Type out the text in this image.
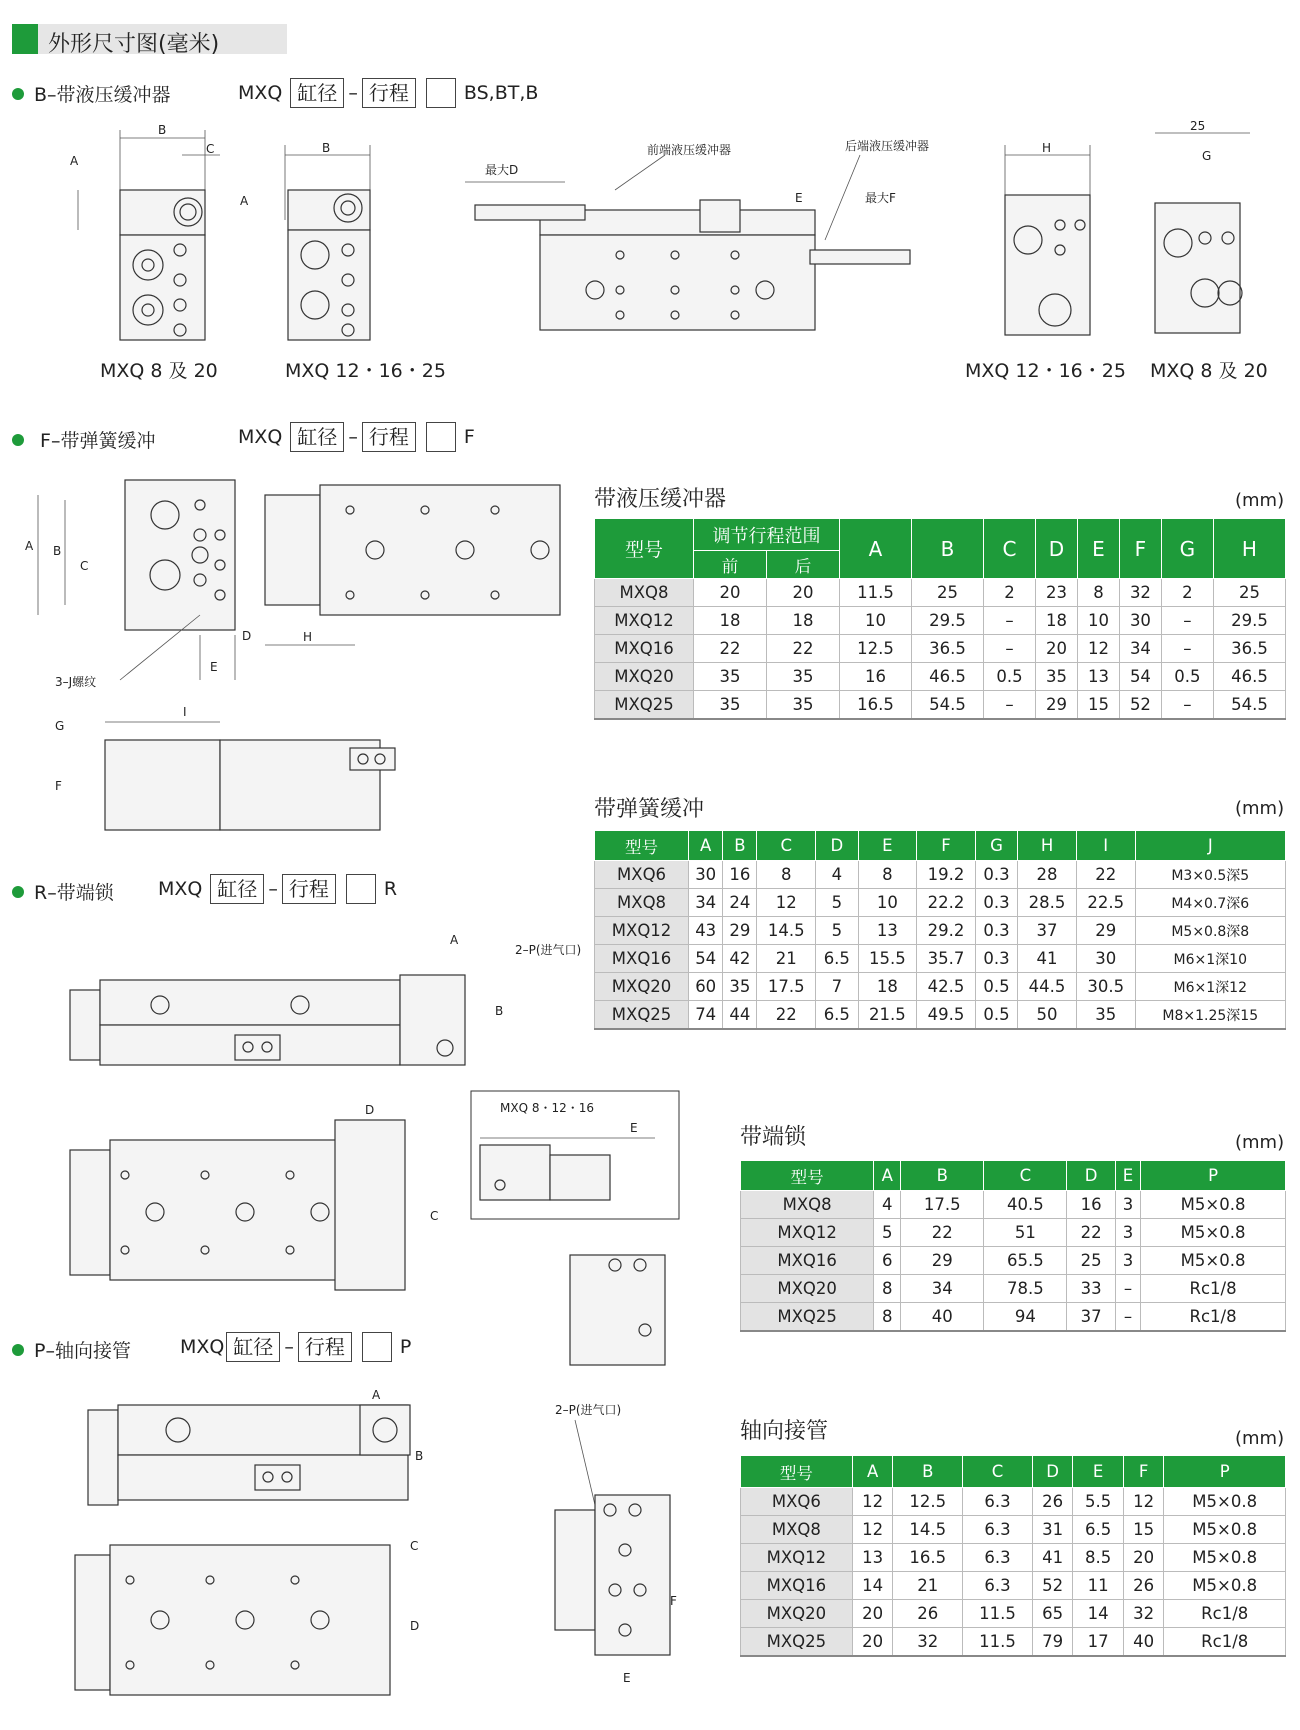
外形尺寸图(毫米)
B–带液压缓冲器	MXQ
缸径 – 行程	BS,BT,B
B
C
A
B
A
MXQ 8 及 20	MXQ 12・16・25
最大D
前端液压缓冲器	后端液压缓冲器
E	最大F
H
25
G
MXQ 12・16・25 MXQ 8 及 20

F–带弹簧缓冲	MXQ
缸径 – 行程	F
A B
C
D
E
3–J螺纹
H
G
F
I
R–带端锁 MXQ
缸径 – 行程	R
A
2–P(进气口)
B
D
C
MXQ 8・12・16
E
P–轴向接管	MXQ 缸径 – 行程	P
A
B
C
D
2–P(进气口)
F
E
带液压缓冲器	(mm)
型号	调节行程范围		A	B	C	D	E	F	G	H
	前	后								
MXQ8	20	20	11.5	25	2	23	8	32	2	25
MXQ12	18	18	10	29.5	–	18	10	30	–	29.5
MXQ16	22	22	12.5	36.5	–	20	12	34	–	36.5
MXQ20	35	35	16	46.5	0.5	35	13	54	0.5	46.5
MXQ25	35	35	16.5	54.5	–	29	15	52	–	54.5
带弹簧缓冲	(mm)
型号	A	B	C	D	E	F	G	H	I	J
MXQ6	30	16	8	4	8	19.2	0.3	28	22	M3×0.5深5
MXQ8	34	24	12	5	10	22.2	0.3	28.5	22.5	M4×0.7深6
MXQ12	43	29	14.5	5	13	29.2	0.3	37	29	M5×0.8深8
MXQ16	54	42	21	6.5	15.5	35.7	0.3	41	30	M6×1深10
MXQ20	60	35	17.5	7	18	42.5	0.5	44.5	30.5	M6×1深12
MXQ25	74	44	22	6.5	21.5	49.5	0.5	50	35	M8×1.25深15
带端锁	(mm)
型号	A	B	C	D	E	P
MXQ8	4	17.5	40.5	16	3	M5×0.8
MXQ12	5	22	51	22	3	M5×0.8
MXQ16	6	29	65.5	25	3	M5×0.8
MXQ20	8	34	78.5	33	–	Rc1/8
MXQ25	8	40	94	37	–	Rc1/8
轴向接管	(mm)
型号	A	B	C	D	E	F	P
MXQ6	12	12.5	6.3	26	5.5	12	M5×0.8
MXQ8	12	14.5	6.3	31	6.5	15	M5×0.8
MXQ12	13	16.5	6.3	41	8.5	20	M5×0.8
MXQ16	14	21	6.3	52	11	26	M5×0.8
MXQ20	20	26	11.5	65	14	32	Rc1/8
MXQ25	20	32	11.5	79	17	40	Rc1/8
